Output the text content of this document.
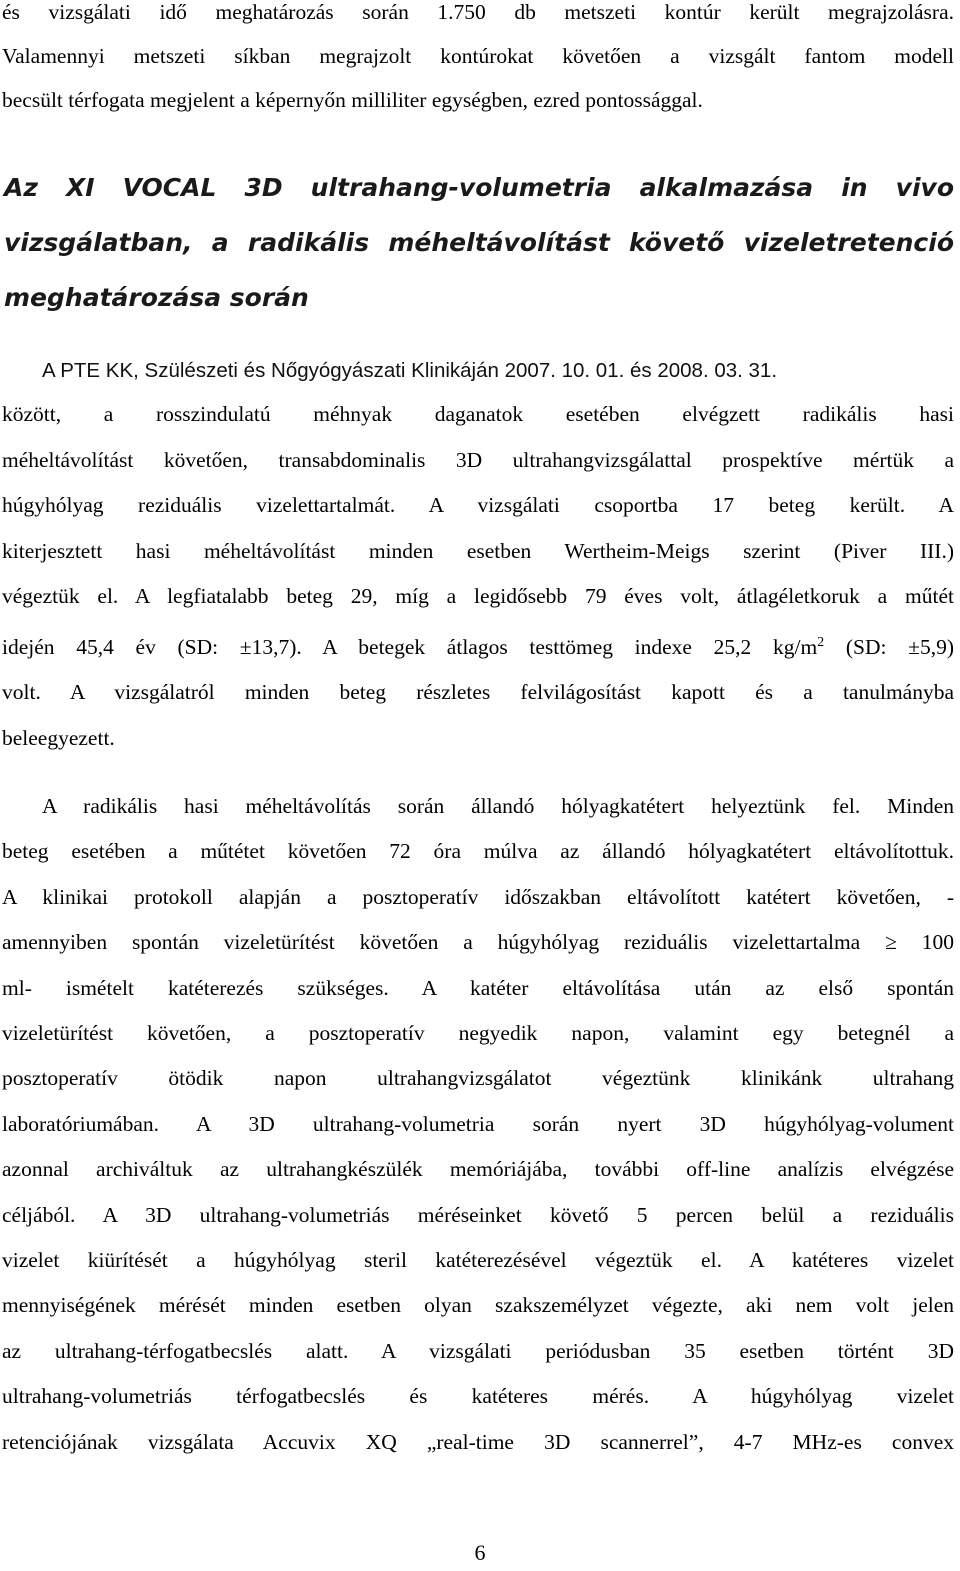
és vizsgálati idő meghatározás során 1.750 db metszeti kontúr került megrajzolásra.
Valamennyi metszeti síkban megrajzolt kontúrokat követően a vizsgált fantom modell
becsült térfogata megjelent a képernyőn milliliter egységben, ezred pontossággal.

Az XI VOCAL 3D ultrahang-volumetria alkalmazása in vivo
vizsgálatban, a radikális méheltávolítást követő vizeletretenció
meghatározása során

A PTE KK, Szülészeti és Nőgyógyászati Klinikáján 2007. 10. 01. és 2008. 03. 31.

között, a rosszindulatú méhnyak daganatok esetében elvégzett radikális hasi
méheltávolítást követően, transabdominalis 3D ultrahangvizsgálattal prospektíve mértük a
húgyhólyag reziduális vizelettartalmát. A vizsgálati csoportba 17 beteg került. A
kiterjesztett hasi méheltávolítást minden esetben Wertheim-Meigs szerint (Piver III.)
végeztük el. A legfiatalabb beteg 29, míg a legidősebb 79 éves volt, átlagéletkoruk a műtét
idején 45,4 év (SD: ±13,7). A betegek átlagos testtömeg indexe 25,2 $kg/m^2$ (SD: ±5,9)
volt. A vizsgálatról minden beteg részletes felvilágosítást kapott és a tanulmányba
beleegyezett.

A radikális hasi méheltávolítás során állandó hólyagkatétert helyeztünk fel. Minden
beteg esetében a műtétet követően 72 óra múlva az állandó hólyagkatétert eltávolítottuk.
A klinikai protokoll alapján a posztoperatív időszakban eltávolított katétert követően, -
amennyiben spontán vizeletürítést követően a húgyhólyag reziduális vizelettartalma ≥ 100
ml- ismételt katéterezés szükséges. A katéter eltávolítása után az első spontán
vizeletürítést követően, a posztoperatív negyedik napon, valamint egy betegnél a
posztoperatív ötödik napon ultrahangvizsgálatot végeztünk klinikánk ultrahang
laboratóriumában. A 3D ultrahang-volumetria során nyert 3D húgyhólyag-volument
azonnal archiváltuk az ultrahangkészülék memóriájába, további off-line analízis elvégzése
céljából. A 3D ultrahang-volumetriás méréseinket követő 5 percen belül a reziduális
vizelet kiürítését a húgyhólyag steril katéterezésével végeztük el. A katéteres vizelet
mennyiségének mérését minden esetben olyan szakszemélyzet végezte, aki nem volt jelen
az ultrahang-térfogatbecslés alatt. A vizsgálati periódusban 35 esetben történt 3D
ultrahang-volumetriás térfogatbecslés és katéteres mérés. A húgyhólyag vizelet
retenciójának vizsgálata Accuvix XQ „real-time 3D scannerrel”, 4-7 MHz-es convex

6
